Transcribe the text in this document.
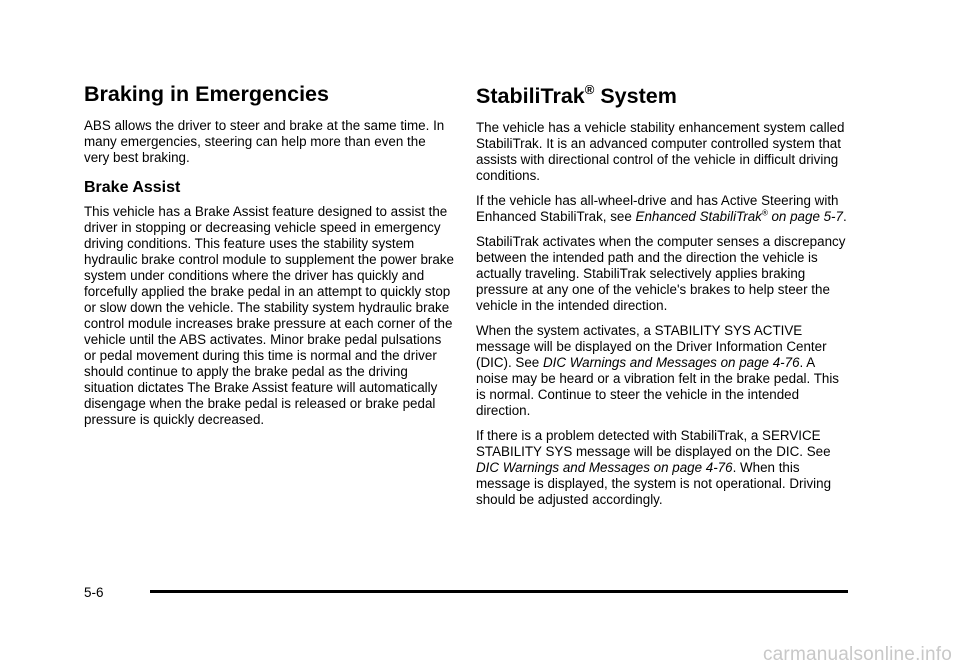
Braking in Emergencies

ABS allows the driver to steer and brake at the same time. In many emergencies, steering can help more than even the very best braking.

Brake Assist

This vehicle has a Brake Assist feature designed to assist the driver in stopping or decreasing vehicle speed in emergency driving conditions. This feature uses the stability system hydraulic brake control module to supplement the power brake system under conditions where the driver has quickly and forcefully applied the brake pedal in an attempt to quickly stop or slow down the vehicle. The stability system hydraulic brake control module increases brake pressure at each corner of the vehicle until the ABS activates. Minor brake pedal pulsations or pedal movement during this time is normal and the driver should continue to apply the brake pedal as the driving situation dictates The Brake Assist feature will automatically disengage when the brake pedal is released or brake pedal pressure is quickly decreased.

StabiliTrak® System

The vehicle has a vehicle stability enhancement system called StabiliTrak. It is an advanced computer controlled system that assists with directional control of the vehicle in difficult driving conditions.

If the vehicle has all-wheel-drive and has Active Steering with Enhanced StabiliTrak, see Enhanced StabiliTrak® on page 5-7.

StabiliTrak activates when the computer senses a discrepancy between the intended path and the direction the vehicle is actually traveling. StabiliTrak selectively applies braking pressure at any one of the vehicle's brakes to help steer the vehicle in the intended direction.

When the system activates, a STABILITY SYS ACTIVE message will be displayed on the Driver Information Center (DIC). See DIC Warnings and Messages on page 4-76. A noise may be heard or a vibration felt in the brake pedal. This is normal. Continue to steer the vehicle in the intended direction.

If there is a problem detected with StabiliTrak, a SERVICE STABILITY SYS message will be displayed on the DIC. See DIC Warnings and Messages on page 4-76. When this message is displayed, the system is not operational. Driving should be adjusted accordingly.

5-6
carmanualsonline.info
